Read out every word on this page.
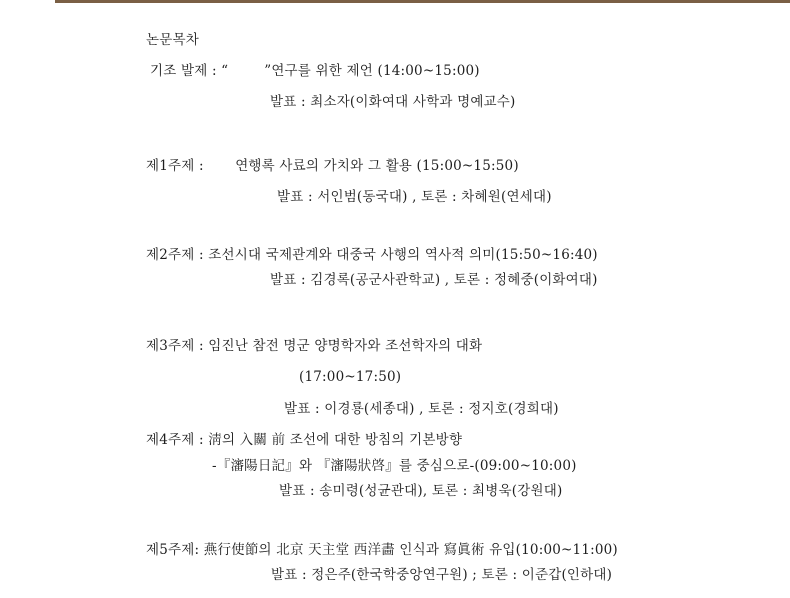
논문목차
기조 발제 : “        ”연구를 위한 제언 (14:00~15:00)
발표 : 최소자(이화여대 사학과 명예교수)
제1주제 :       연행록 사료의 가치와 그 활용 (15:00~15:50)
발표 : 서인범(동국대) , 토론 : 차혜원(연세대)
제2주제 : 조선시대 국제관계와 대중국 사행의 역사적 의미(15:50~16:40)
발표 : 김경록(공군사관학교) , 토론 : 정혜중(이화여대)
제3주제 : 임진난 참전 명군 양명학자와 조선학자의 대화
(17:00~17:50)
발표 : 이경룡(세종대) , 토론 : 정지호(경희대)
제4주제 : 淸의 入關 前 조선에 대한 방침의 기본방향
-『瀋陽日記』와 『瀋陽狀啓』를 중심으로-(09:00~10:00)
발표 : 송미령(성균관대), 토론 : 최병욱(강원대)
제5주제: 燕行使節의 北京 天主堂 西洋畵 인식과 寫眞術 유입(10:00~11:00)
발표 : 정은주(한국학중앙연구원) ; 토론 : 이준갑(인하대)
